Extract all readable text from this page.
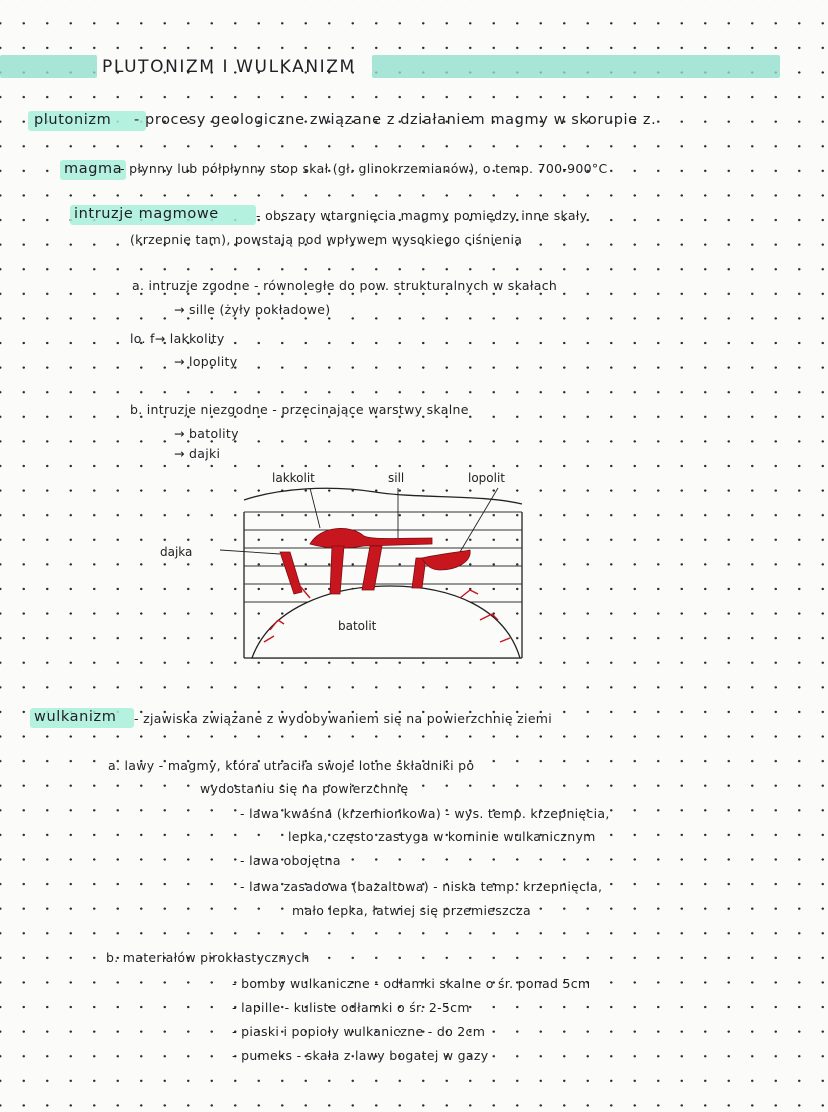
PLUTONIZM I WULKANIZM
plutonizm - procesy geologiczne związane z działaniem magmy w skorupie z.
magma
- płynny lub półpłynny stop skał (gł. glinokrzemianów), o temp. 700-900°C
intruzje magmowe	- obszary wtargnięcia magmy pomiędzy inne skały
(krzepnie tam), powstają pod wpływem wysokiego ciśnienia
a. intruzje zgodne - równoległe do pow. strukturalnych w skałach
→ sille (żyły pokładowe)
lo. f→ lakkolity
→ lopolity
b. intruzje niezgodne - przecinające warstwy skalne
→ batolity
→ dajki
lakkolit	sill	lopolit
dajka
batolit
wulkanizm - zjawiska związane z wydobywaniem się na powierzchnię ziemi
a. lawy - magmy, która utraciła swoje lotne składniki po
wydostaniu się na powierzchnię
- lawa kwaśna (krzemionkowa) - wys. temp. krzepnięcia,
lepka, często zastyga w kominie wulkanicznym
- lawa obojętna
- lawa zasadowa (bazaltowa) - niska temp. krzepnięcia,
mało lepka, łatwiej się przemieszcza
b. materiałów piroklastycznych
- bomby wulkaniczne - odłamki skalne o śr. ponad 5cm
- lapille - kuliste odłamki o śr. 2-5cm
- piaski i popioły wulkaniczne - do 2cm
- pumeks - skała z lawy bogatej w gazy
